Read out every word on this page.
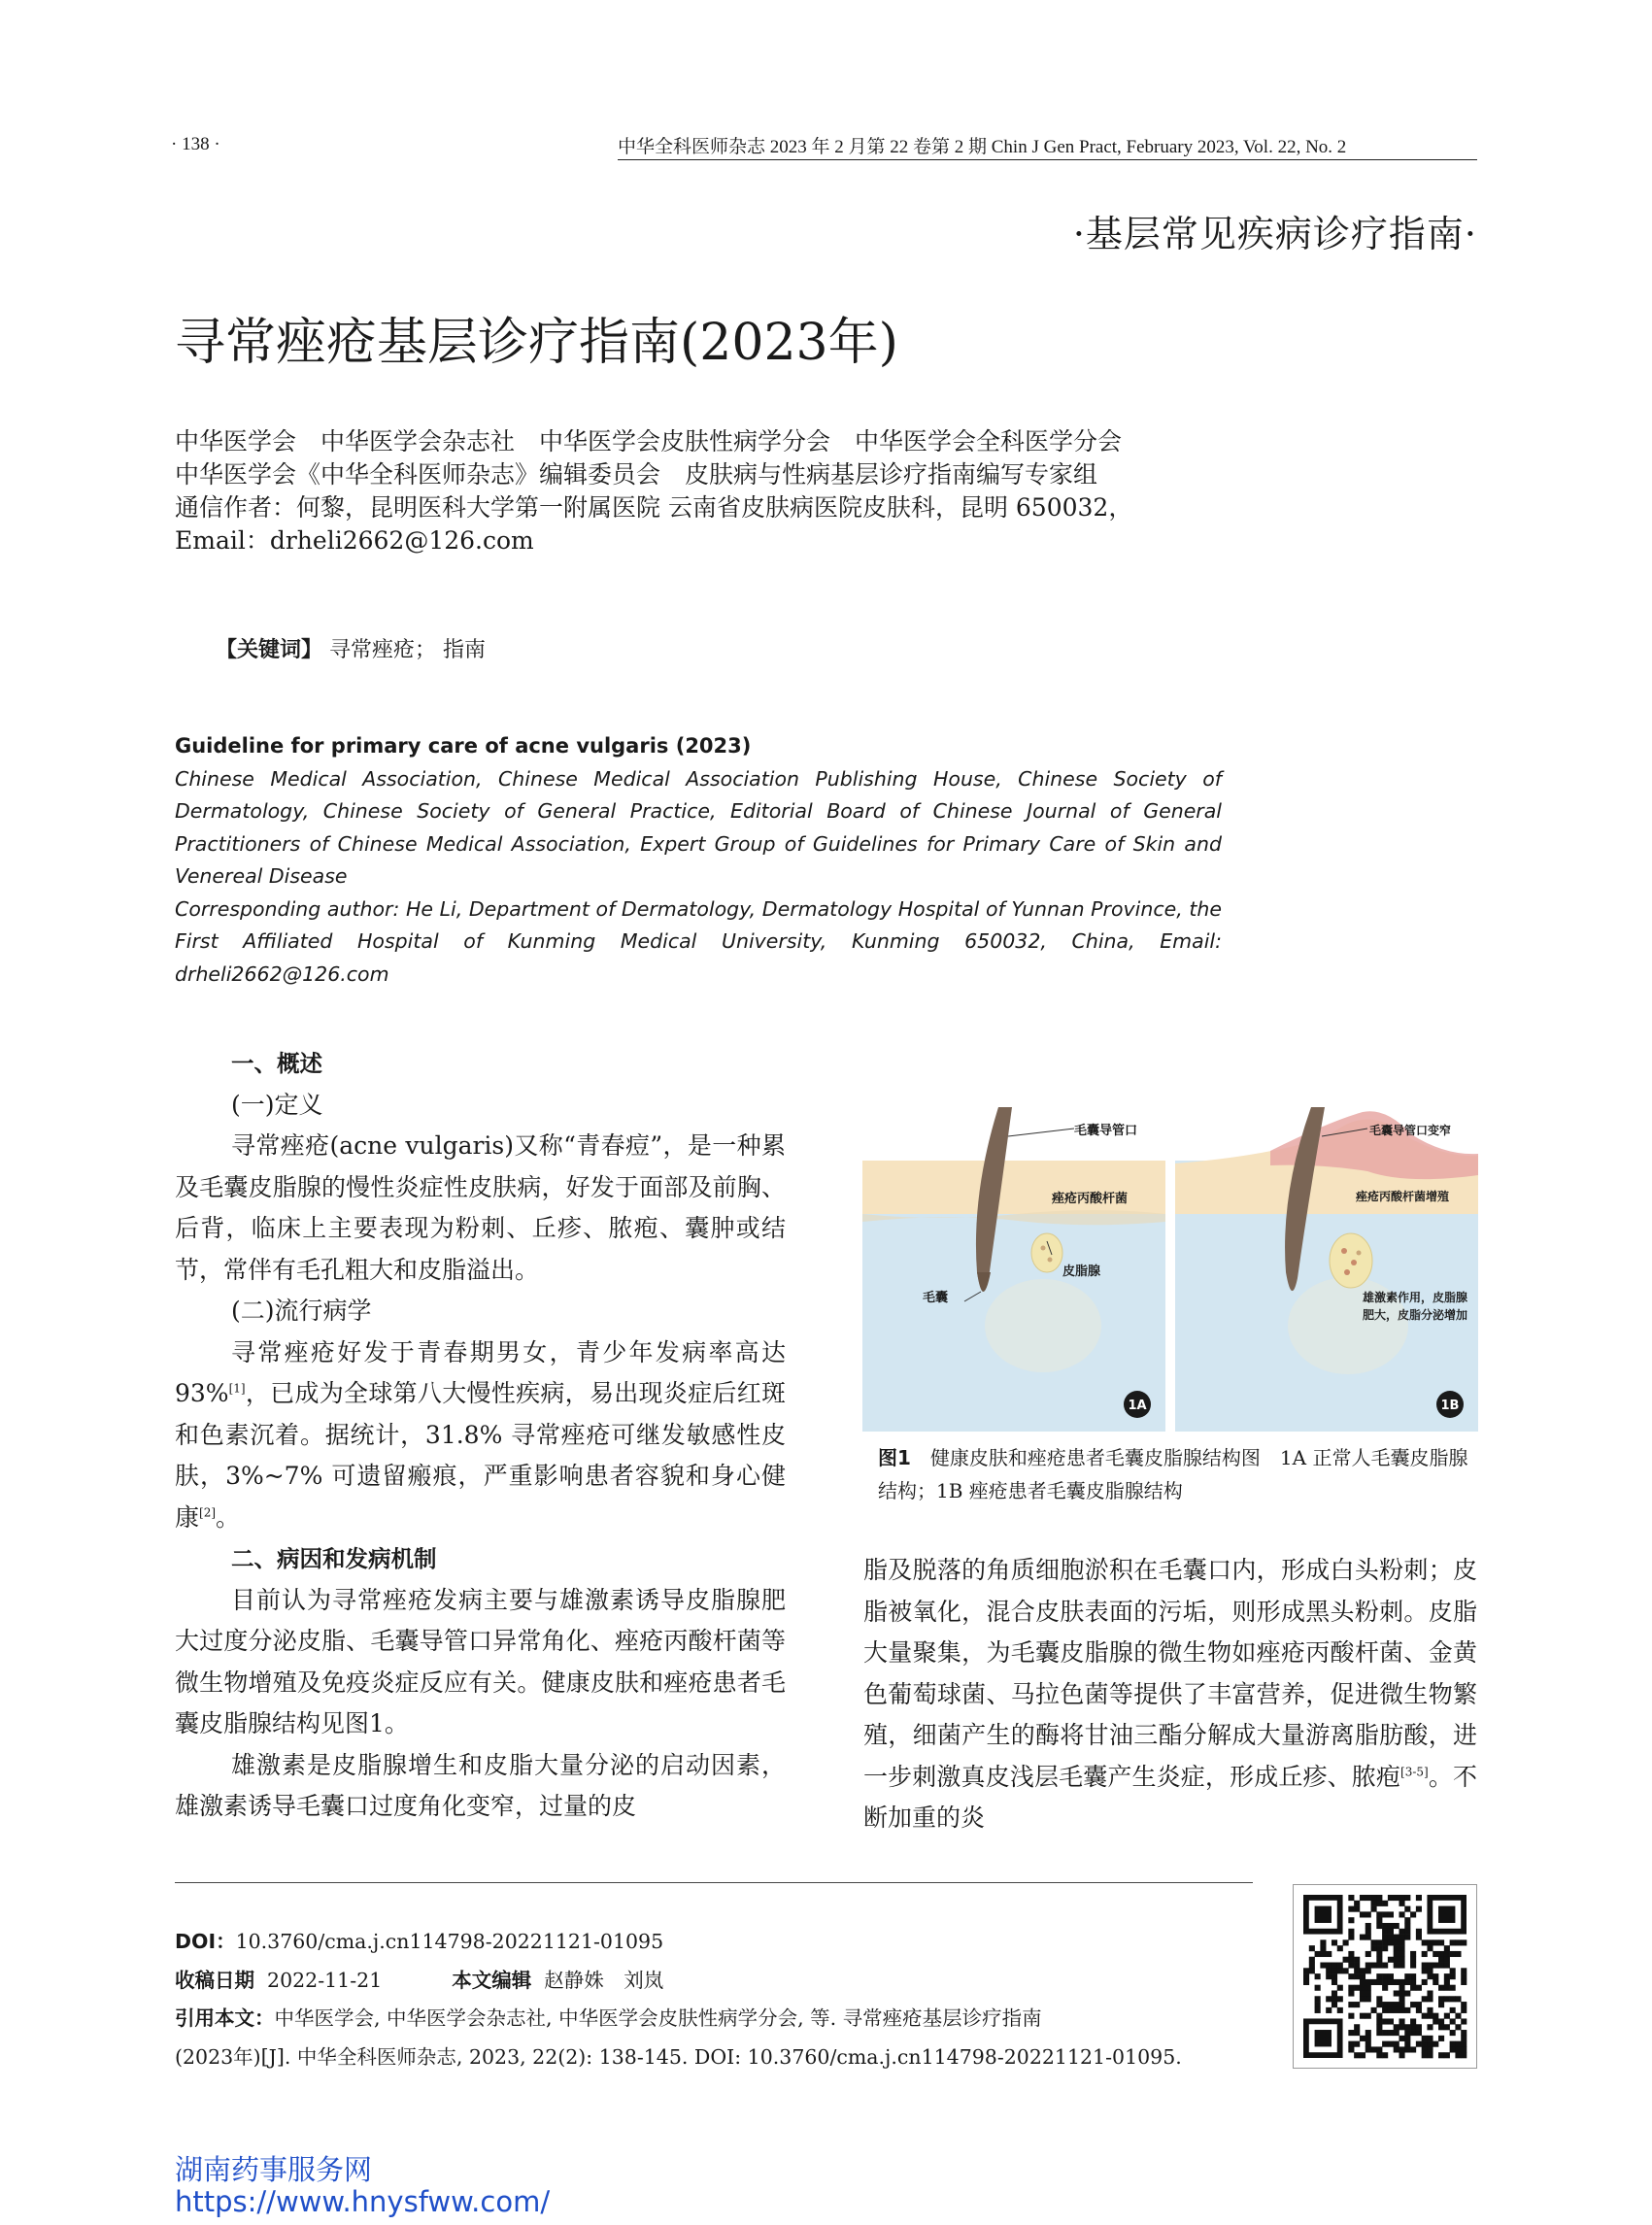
· 138 ·	中华全科医师杂志 2023 年 2 月第 22 卷第 2 期 Chin J Gen Pract, February 2023, Vol. 22, No. 2
·基层常见疾病诊疗指南·
寻常痤疮基层诊疗指南(2023年)
中华医学会　中华医学会杂志社　中华医学会皮肤性病学分会　中华医学会全科医学分会
中华医学会《中华全科医师杂志》编辑委员会　皮肤病与性病基层诊疗指南编写专家组
通信作者：何黎，昆明医科大学第一附属医院 云南省皮肤病医院皮肤科，昆明 650032，
Email：drheli2662@126.com
【关键词】 寻常痤疮； 指南
Guideline for primary care of acne vulgaris (2023)
Chinese Medical Association, Chinese Medical Association Publishing House, Chinese Society of Dermatology, Chinese Society of General Practice, Editorial Board of Chinese Journal of General Practitioners of Chinese Medical Association, Expert Group of Guidelines for Primary Care of Skin and Venereal Disease
Corresponding author: He Li, Department of Dermatology, Dermatology Hospital of Yunnan Province, the First Affiliated Hospital of Kunming Medical University, Kunming 650032, China, Email: drheli2662@126.com
一、概述
(一)定义

寻常痤疮(acne vulgaris)又称“青春痘”，是一种累及毛囊皮脂腺的慢性炎症性皮肤病，好发于面部及前胸、后背，临床上主要表现为粉刺、丘疹、脓疱、囊肿或结节，常伴有毛孔粗大和皮脂溢出。

(二)流行病学

寻常痤疮好发于青春期男女，青少年发病率高达93%[1]，已成为全球第八大慢性疾病，易出现炎症后红斑和色素沉着。据统计，31.8% 寻常痤疮可继发敏感性皮肤，3%~7% 可遗留瘢痕，严重影响患者容貌和身心健康[2]。

二、病因和发病机制

目前认为寻常痤疮发病主要与雄激素诱导皮脂腺肥大过度分泌皮脂、毛囊导管口异常角化、痤疮丙酸杆菌等微生物增殖及免疫炎症反应有关。健康皮肤和痤疮患者毛囊皮脂腺结构见图1。

雄激素是皮脂腺增生和皮脂大量分泌的启动因素，雄激素诱导毛囊口过度角化变窄，过量的皮

毛囊导管口
痤疮丙酸杆菌
毛囊
皮脂腺
1A
毛囊导管口变窄
痤疮丙酸杆菌增殖
雄激素作用，皮脂腺
肥大，皮脂分泌增加
1B
图1　 健康皮肤和痤疮患者毛囊皮脂腺结构图　1A 正常人毛囊皮脂腺结构；1B 痤疮患者毛囊皮脂腺结构

脂及脱落的角质细胞淤积在毛囊口内，形成白头粉刺；皮脂被氧化，混合皮肤表面的污垢，则形成黑头粉刺。皮脂大量聚集，为毛囊皮脂腺的微生物如痤疮丙酸杆菌、金黄色葡萄球菌、马拉色菌等提供了丰富营养，促进微生物繁殖，细菌产生的酶将甘油三酯分解成大量游离脂肪酸，进一步刺激真皮浅层毛囊产生炎症，形成丘疹、脓疱[3-5]。不断加重的炎

DOI：10.3760/cma.j.cn114798-20221121-01095
收稿日期 2022-11-21	本文编辑 赵静姝　刘岚
引用本文：中华医学会, 中华医学会杂志社, 中华医学会皮肤性病学分会, 等. 寻常痤疮基层诊疗指南
(2023年)[J]. 中华全科医师杂志, 2023, 22(2): 138-145. DOI: 10.3760/cma.j.cn114798-20221121-01095.
湖南药事服务网
https://www.hnysfww.com/
